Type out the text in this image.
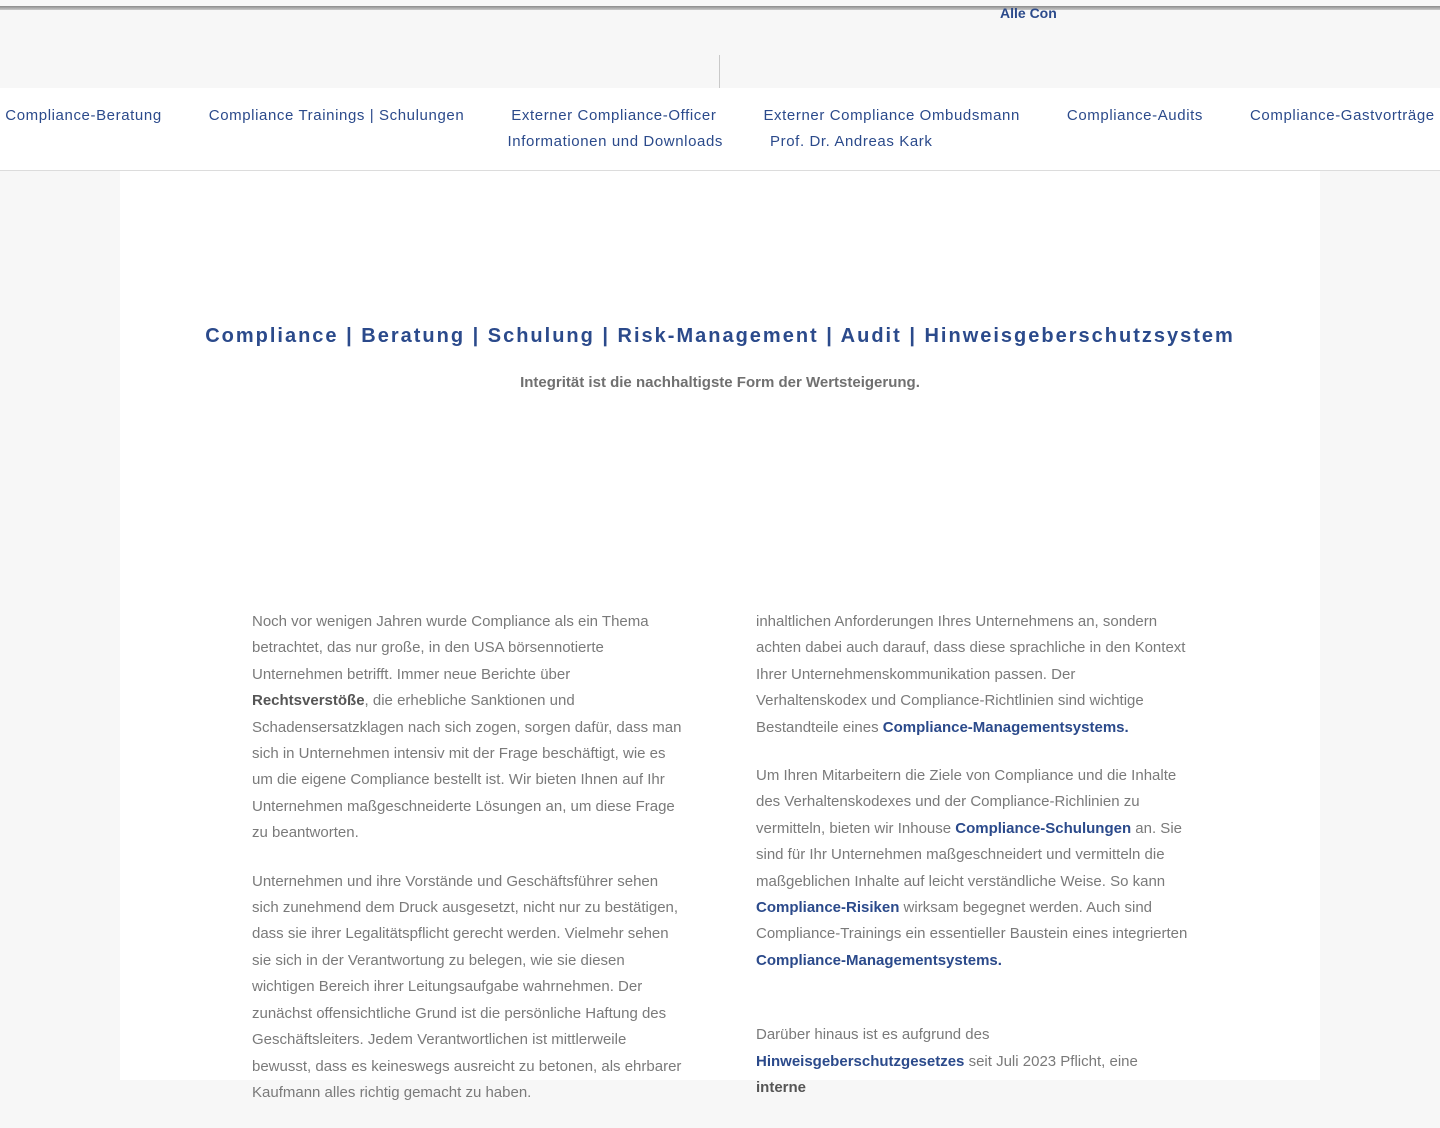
Alle Con
Compliance-Beratung	Compliance Trainings | Schulungen	Externer Compliance-Officer	Externer Compliance Ombudsmann	Compliance-Audits	Compliance-Gastvorträge
Informationen und Downloads	Prof. Dr. Andreas Kark
Compliance | Beratung | Schulung | Risk-Management | Audit | Hinweisgeberschutzsystem
Integrität ist die nachhaltigste Form der Wertsteigerung.

Noch vor wenigen Jahren wurde Compliance als ein Thema betrachtet, das nur große, in den USA börsennotierte Unternehmen betrifft. Immer neue Berichte über Rechtsverstöße, die erhebliche Sanktionen und Schadensersatzklagen nach sich zogen, sorgen dafür, dass man sich in Unternehmen intensiv mit der Frage beschäftigt, wie es um die eigene Compliance bestellt ist. Wir bieten Ihnen auf Ihr Unternehmen maßgeschneiderte Lösungen an, um diese Frage zu beantworten.

Unternehmen und ihre Vorstände und Geschäftsführer sehen sich zunehmend dem Druck ausgesetzt, nicht nur zu bestätigen, dass sie ihrer Legalitätspflicht gerecht werden. Vielmehr sehen sie sich in der Verantwortung zu belegen, wie sie diesen wichtigen Bereich ihrer Leitungsaufgabe wahrnehmen. Der zunächst offensichtliche Grund ist die persönliche Haftung des Geschäftsleiters. Jedem Verantwortlichen ist mittlerweile bewusst, dass es keineswegs ausreicht zu betonen, als ehrbarer Kaufmann alles richtig gemacht zu haben.

inhaltlichen Anforderungen Ihres Unternehmens an, sondern achten dabei auch darauf, dass diese sprachliche in den Kontext Ihrer Unternehmenskommunikation passen. Der Verhaltenskodex und Compliance-Richtlinien sind wichtige Bestandteile eines Compliance-Managementsystems.

Um Ihren Mitarbeitern die Ziele von Compliance und die Inhalte des Verhaltenskodexes und der Compliance-Richlinien zu vermitteln, bieten wir Inhouse Compliance-Schulungen an. Sie sind für Ihr Unternehmen maßgeschneidert und vermitteln die maßgeblichen Inhalte auf leicht verständliche Weise. So kann Compliance-Risiken wirksam begegnet werden. Auch sind Compliance-Trainings ein essentieller Baustein eines integrierten Compliance-Managementsystems.

Darüber hinaus ist es aufgrund des Hinweisgeberschutzgesetzes seit Juli 2023 Pflicht, eine interne
